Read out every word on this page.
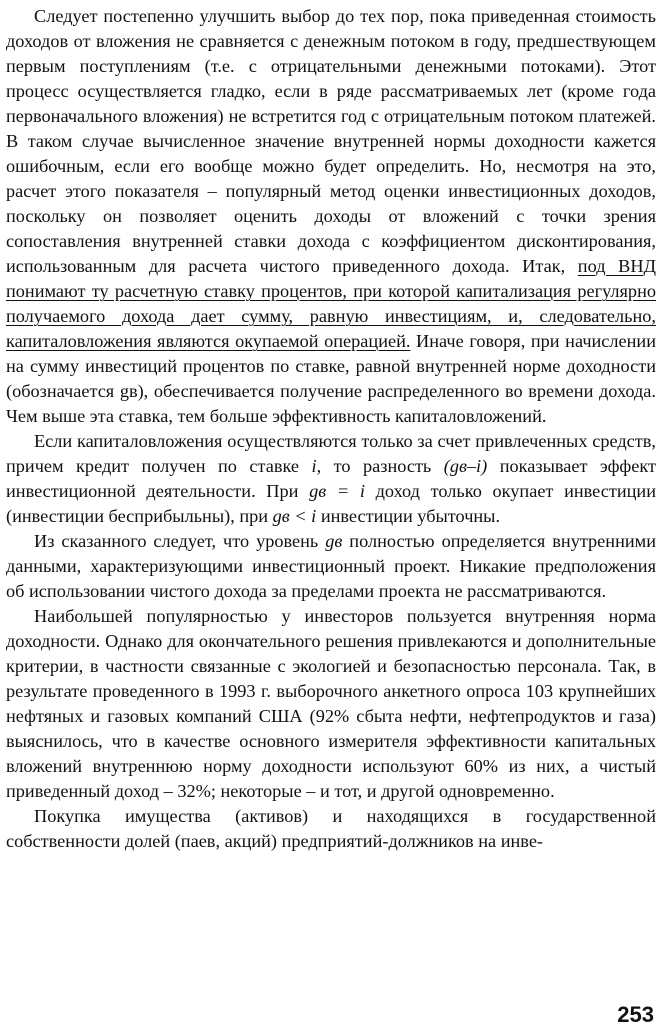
Следует постепенно улучшить выбор до тех пор, пока приведенная стоимость доходов от вложения не сравняется с денежным потоком в году, предшествующем первым поступлениям (т.е. с отрицательными денежными потоками). Этот процесс осуществляется гладко, если в ряде рассматриваемых лет (кроме года первоначального вложения) не встретится год с отрицательным потоком платежей. В таком случае вычисленное значение внутренней нормы доходности кажется ошибочным, если его вообще можно будет определить. Но, несмотря на это, расчет этого показателя – популярный метод оценки инвестиционных доходов, поскольку он позволяет оценить доходы от вложений с точки зрения сопоставления внутренней ставки дохода с коэффициентом дисконтирования, использованным для расчета чистого приведенного дохода. Итак, под ВНД понимают ту расчетную ставку процентов, при которой капитализация регулярно получаемого дохода дает сумму, равную инвестициям, и, следовательно, капиталовложения являются окупаемой операцией. Иначе говоря, при начислении на сумму инвестиций процентов по ставке, равной внутренней норме доходности (обозначается gв), обеспечивается получение распределенного во времени дохода. Чем выше эта ставка, тем больше эффективность капиталовложений.

Если капиталовложения осуществляются только за счет привлеченных средств, причем кредит получен по ставке i, то разность (gв–i) показывает эффект инвестиционной деятельности. При gв = i доход только окупает инвестиции (инвестиции бесприбыльны), при gв < i инвестиции убыточны.

Из сказанного следует, что уровень gв полностью определяется внутренними данными, характеризующими инвестиционный проект. Никакие предположения об использовании чистого дохода за пределами проекта не рассматриваются.

Наибольшей популярностью у инвесторов пользуется внутренняя норма доходности. Однако для окончательного решения привлекаются и дополнительные критерии, в частности связанные с экологией и безопасностью персонала. Так, в результате проведенного в 1993 г. выборочного анкетного опроса 103 крупнейших нефтяных и газовых компаний США (92% сбыта нефти, нефтепродуктов и газа) выяснилось, что в качестве основного измерителя эффективности капитальных вложений внутреннюю норму доходности используют 60% из них, а чистый приведенный доход – 32%; некоторые – и тот, и другой одновременно.

Покупка имущества (активов) и находящихся в государственной собственности долей (паев, акций) предприятий-должников на инве-

253
